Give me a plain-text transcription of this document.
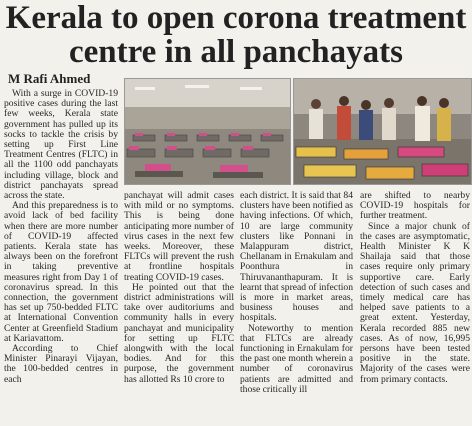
Kerala to open corona treatment
centre in all panchayats
M Rafi Ahmed

With a surge in COVID-19 positive cases during the last few weeks, Kerala state government has pulled up its socks to tackle the crisis by setting up First Line Treatment Centres (FLTC) in all the 1100 odd panchayats including village, block and district panchayats spread across the state.

And this preparedness is to avoid lack of bed facility when there are more number of COVID-19 affected patients. Kerala state has always been on the forefront in taking preventive measures right from Day 1 of coronavirus spread. In this connection, the government has set up 750-bedded FLTC at International Convention Center at Greenfield Stadium at Kariavattom.

According to Chief Minister Pinarayi Vijayan, the 100-bedded centres in each

panchayat will admit cases with mild or no symptoms. This is being done anticipating more number of virus cases in the next few weeks. Moreover, these FLTCs will prevent the rush at frontline hospitals treating COVID-19 cases.

He pointed out that the district administrations will take over auditoriums and community halls in every panchayat and municipality for setting up FLTC alongwith with the local bodies. And for this purpose, the government has allotted Rs 10 crore to

each district. It is said that 84 clusters have been notified as having infections. Of which, 10 are large community clusters like Ponnani in Malappuram district, Chellanam in Ernakulam and Poonthura in Thiruvananthapuram. It is learnt that spread of infection is more in market areas, business houses and hospitals.

Noteworthy to mention that FLTCs are already functioning in Ernakulam for the past one month wherein a number of coronavirus patients are admitted and those critically ill

are shifted to nearby COVID-19 hospitals for further treatment.

Since a major chunk of the cases are asymptomatic, Health Minister K K Shailaja said that those cases require only primary supportive care. Early detection of such cases and timely medical care has helped save patients to a great extent. Yesterday, Kerala recorded 885 new cases. As of now, 16,995 persons have been tested positive in the state. Majority of the cases were from primary contacts.
